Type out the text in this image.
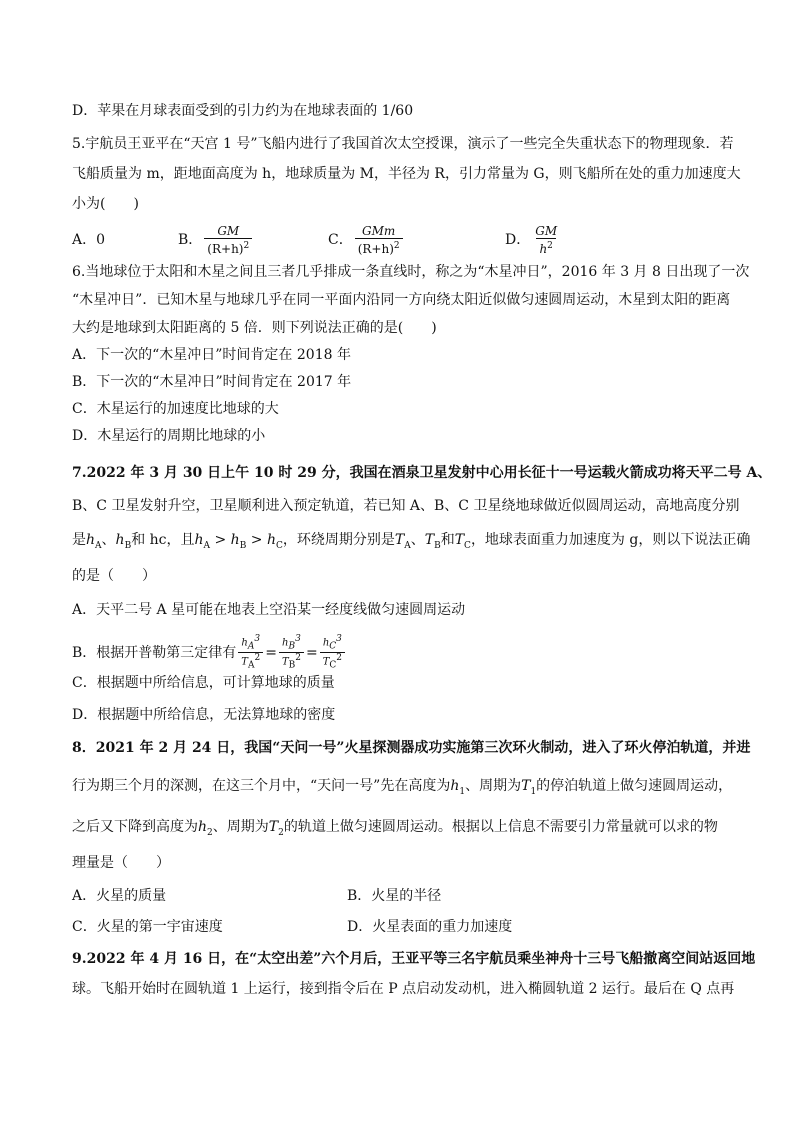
D．苹果在月球表面受到的引力约为在地球表面的 1/60
5.宇航员王亚平在“天宫 1 号”飞船内进行了我国首次太空授课，演示了一些完全失重状态下的物理现象．若
飞船质量为 m，距地面高度为 h，地球质量为 M，半径为 R，引力常量为 G，则飞船所在处的重力加速度大
小为(　　)
A．0	B． $\frac{GM}{(R+h)^2}$	C． $\frac{\text{GMm}}{(R+h)^2}$	D． $\frac{GM}{h^2}$
6.当地球位于太阳和木星之间且三者几乎排成一条直线时，称之为“木星冲日”，2016 年 3 月 8 日出现了一次
“木星冲日”．已知木星与地球几乎在同一平面内沿同一方向绕太阳近似做匀速圆周运动，木星到太阳的距离
大约是地球到太阳距离的 5 倍．则下列说法正确的是(　　)
A．下一次的“木星冲日”时间肯定在 2018 年
B．下一次的“木星冲日”时间肯定在 2017 年
C．木星运行的加速度比地球的大
D．木星运行的周期比地球的小
7.2022 年 3 月 30 日上午 10 时 29 分，我国在酒泉卫星发射中心用长征十一号运载火箭成功将天平二号 A、
B、C 卫星发射升空，卫星顺利进入预定轨道，若已知 A、B、C 卫星绕地球做近似圆周运动，高地高度分别
是$h_A$、$h_B$和 hc，且$h_A > h_B > h_C$，环绕周期分别是$T_A$、$T_B$和$T_C$，地球表面重力加速度为 g，则以下说法正确
的是（　　）
A．天平二号 A 星可能在地表上空沿某一经度线做匀速圆周运动
B．根据开普勒第三定律有 $\frac{hA3}{TA2} = \frac{hB3}{TB2} = \frac{hC3}{TC2}$
C．根据题中所给信息，可计算地球的质量
D．根据题中所给信息，无法算地球的密度
8．2021 年 2 月 24 日，我国“天问一号”火星探测器成功实施第三次环火制动，进入了环火停泊轨道，并进
行为期三个月的深测，在这三个月中，“天问一号”先在高度为$h_1$、周期为$T_1$的停泊轨道上做匀速圆周运动，
之后又下降到高度为$h_2$、周期为$T_2$的轨道上做匀速圆周运动。根据以上信息不需要引力常量就可以求的物
理量是（　　）
A．火星的质量	B．火星的半径
C．火星的第一宇宙速度	D．火星表面的重力加速度
9.2022 年 4 月 16 日，在“太空出差”六个月后，王亚平等三名宇航员乘坐神舟十三号飞船撤离空间站返回地
球。飞船开始时在圆轨道 1 上运行，接到指令后在 P 点启动发动机，进入椭圆轨道 2 运行。最后在 Q 点再
